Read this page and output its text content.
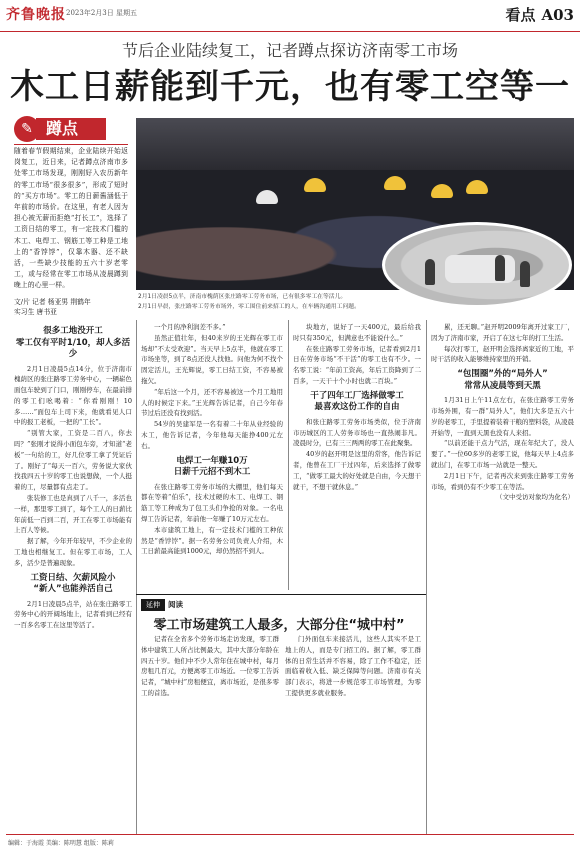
齐鲁晚报 2023年2月3日 星期五	看点 A03
节后企业陆续复工，记者蹲点探访济南零工市场
木工日薪能到千元，也有零工空等一
蹲点
✎
随着春节假期结束，企业陆续开始返岗复工，近日来，记者蹲点济南市多处零工市场发现，刚刚好入农历新年的零工市场“很多很多”，形成了短时的“买方市场”。零工的日薪酱涵低于年前的市场价。在这里，有老人因为担心被无薪而拒绝“打长工”，选择了工资日结的零工，有一定技术门槛的木工、电焊工、钢筋工等工种是工地上的“香饽饽”，仅靠木器、还不缺活，一些缺少技能的五六十岁老零工，或与经常在零工市场从凌晨蹲到晚上的心里一样。
2月1日凌晨5点半，济南市槐荫区张庄路零工劳务市场，已有很多零工在等活儿。
2月1日早晨，张庄路零工劳务市场外，零工围住前来招工的人，在车辆沟通用工问题。
文/片 记者 杨亚男 荆鹤年
实习生 唐书亚
很多工地没开工
零工仅有平时1/10，却人多活少

2月1日凌晨5点14分，位于济南市槐荫区的张庄路零工劳务中心，一辆崭色面包车驶到了门口，刚刚停车，在最前排的零工们吆喝着：“你看刚刚！10多……”面包车上司下来，他就看见人口中的报工老板，一把的“工长”。

“别管大家，工资是二百八，你去吗？”张刚才说得小面包车旁，才知道“老板”一句给的工，好几位零工拿了凭证后了。刚好了“每天一百六，劳务说大家伙找我四五十岁的零工也说想做，一个人挺着的工，尽量都有点走了。

张装修工也是真到了八千一，多活也一样，那里零工到了，每个工人的日薪比年前低一百到二百，开工在零工市场能有上百人等候。

据了解，今年开年较早，不少企业的工地也相继复工。但在零工市场，工人多，活少是普遍现象。

工资日结、欠薪风险小
“新人”也能养活自己

2月1日凌晨5点半，站在张庄路零工劳务中心的开阔场地上，记者看到已经有一百多名零工在这里等活了。

一个月的净利润差不多。”

虽然正值壮年，但40来岁的王光辉在零工市场却“不太受欢迎”。当天早上5点半，他就在零工市场坐等，到了8点还没人找他。问他为何不找个固定活儿，王光辉说，零工日结工资，不容易被拖欠。

“年后这一个月，还不容易被这一个月工地用人的时候定下来。”王光辉告诉记者，自己今年春节过后还没有找到活。

54岁的吴建军是一名有着二十年从业经验的木工，他告诉记者，今年他每天能挣400元左右。

电焊工一年赚10万
日薪千元招不到木工

在张庄路零工劳务市场的大棚里，他们每天都在等着“伯乐”，技术过硬的木工、电焊工、钢筋工等工种成为了包工头们争抢的对象。一名电焊工告诉记者，年前他一年赚了10万元左右。

本市建筑工地上，有一定技术门槛的工种依然是“香饽饽”。据一名劳务公司负责人介绍，木工日薪最高能到1000元，却仍然招不到人。

块地方，说好了一天400元，最后给我时只有350元，但满意也不能说什么。”

在张庄路零工劳务市场，记者看到2月1日在劳务市场“不干活”的零工也有不少。一名零工说：“年前工资高，年后工资降到了二百多，一天干十个小时也就二百块。”

干了四年工厂选择做零工
最喜欢这份工作的自由

和张庄路零工劳务市场类似，位于济南市历城区的工人劳务市场也一直热闹非凡。凌晨时分，已有三三两两的零工在此聚集。

40岁的赵开明是这里的常客，他告诉记者，他曾在工厂干过四年，后来选择了做零工，“做零工最大的好处就是自由，今天想干就干，不想干就休息。”

累，还无聊。”赵开明2009年离开过家工厂，因为了济南市家，开启了在这七年的打工生活。

每次打零工，赵开明会选择离家近的工地，平时干活的收入能够维持家里的开销。

“包围圈”外的“局外人”
常常从凌晨等到天黑

1月31日上午11点左右，在张庄路零工劳务市场外围，有一群“局外人”，他们大多是五六十岁的老零工，手里提着装着干粮的塑料袋，从凌晨开始等，一直到天黑也没有人来招。

“以前还能干点力气活，现在年纪大了，没人要了。”一位60多岁的老零工说，他每天早上4点多就出门，在零工市场一站就是一整天。

2月1日下午，记者再次来到张庄路零工劳务市场，看到仍有不少零工在等活。

（文中受访对象均为化名）

延伸	阅读
零工市场建筑工人最多，大部分住“城中村”

记者在全省多个劳务市场走访发现，零工群体中建筑工人所占比例最大，其中大部分年龄在四五十岁。他们中不少人常年住在城中村，每月房租几百元，方便离零工市场近。一位零工告诉记者，“城中村”房租便宜，离市场近，是很多零工的首选。

门外面包车来接活儿，这些人其实不是工地上的人，而是专门招工的。据了解，零工群体的日常生活并不容易，除了工作不稳定，还面临着收入低、缺乏保障等问题。济南市有关部门表示，将进一步规范零工市场管理，为零工提供更多就业服务。

编辑：于海霞 美编：陈明慧 组版：陈莉
